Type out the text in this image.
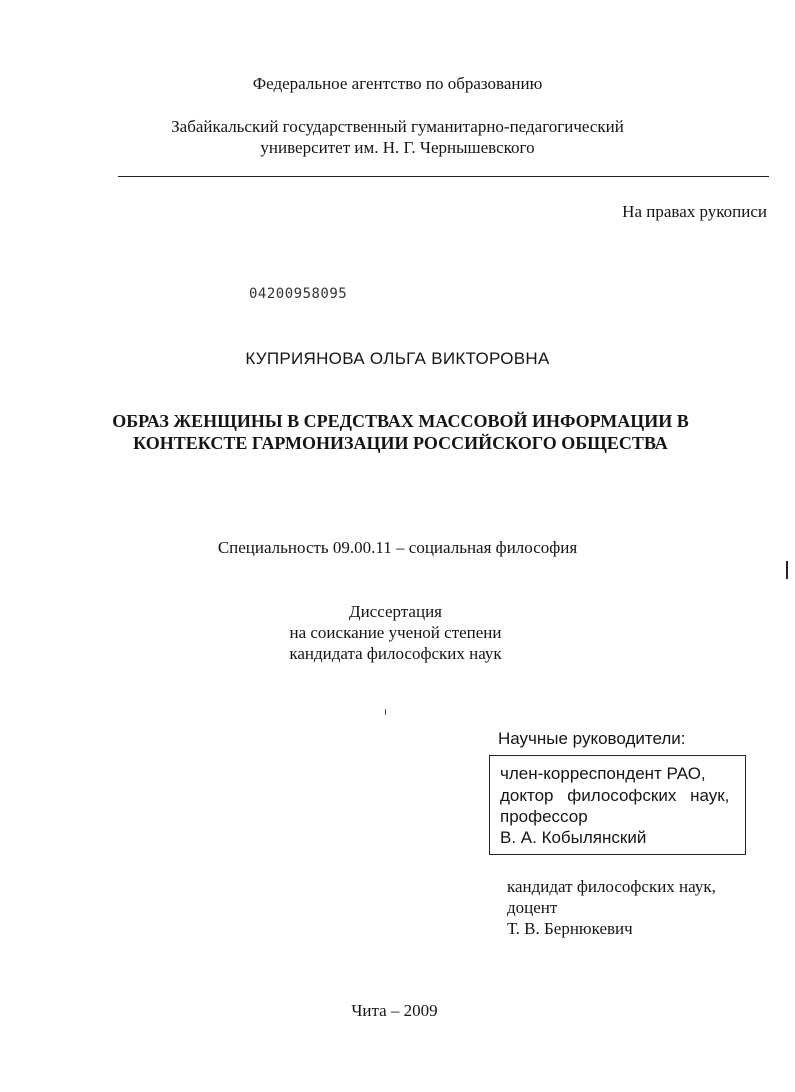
Федеральное агентство по образованию
Забайкальский государственный гуманитарно-педагогический
университет им. Н. Г. Чернышевского
На правах рукописи
04200958095
КУПРИЯНОВА ОЛЬГА ВИКТОРОВНА
ОБРАЗ ЖЕНЩИНЫ В СРЕДСТВАХ МАССОВОЙ ИНФОРМАЦИИ В
КОНТЕКСТЕ ГАРМОНИЗАЦИИ РОССИЙСКОГО ОБЩЕСТВА
Специальность 09.00.11 – социальная философия
Диссертация
на соискание ученой степени
кандидата философских наук
Научные руководители:
член-корреспондент РАО,
доктор философских наук,
профессор
В. А. Кобылянский
кандидат философских наук,
доцент
Т. В. Бернюкевич
Чита – 2009
